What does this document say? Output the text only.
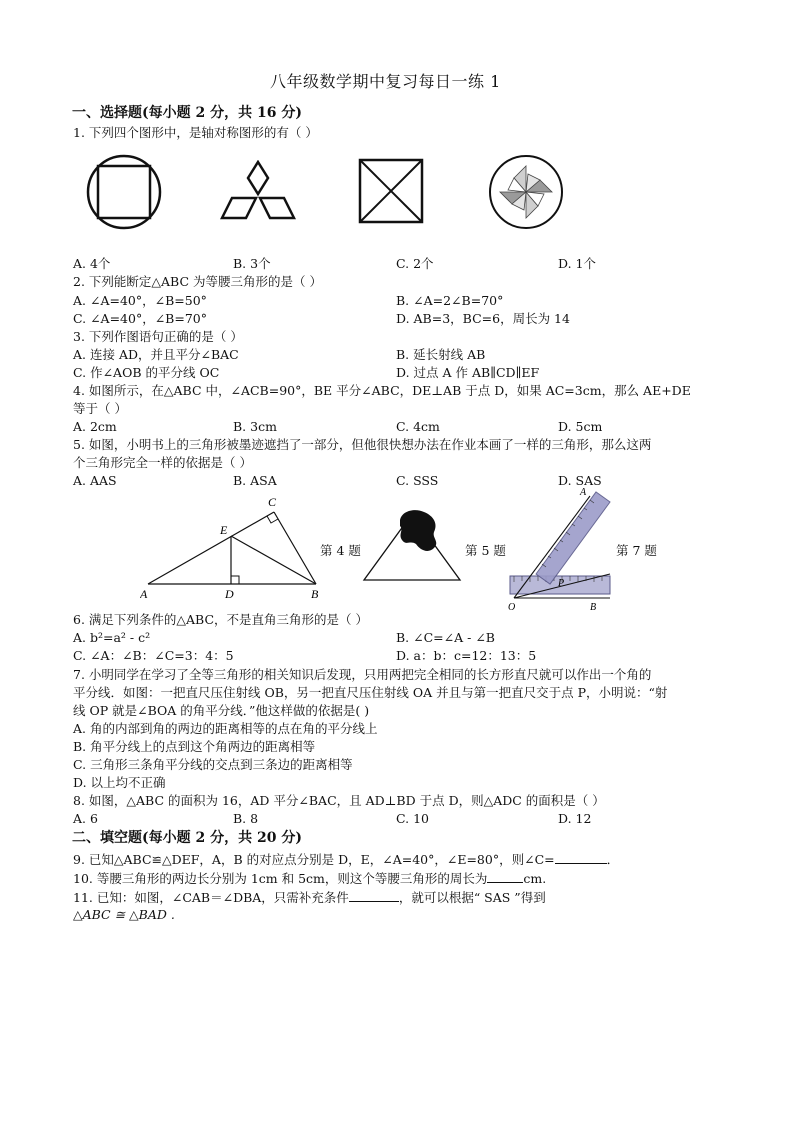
八年级数学期中复习每日一练 1
一、选择题(每小题 2 分，共 16 分)
1. 下列四个图形中，是轴对称图形的有（ ）
A. 4个	B. 3个	C. 2个	D. 1个
2. 下列能断定△ABC 为等腰三角形的是（ ）
A. ∠A=40°，∠B=50°	B. ∠A=2∠B=70°
C. ∠A=40°，∠B=70°	D. AB=3，BC=6，周长为 14
3. 下列作图语句正确的是（ ）
A. 连接 AD，并且平分∠BAC	B. 延长射线 AB
C. 作∠AOB 的平分线 OC	D. 过点 A 作 AB∥CD∥EF
4. 如图所示，在△ABC 中，∠ACB=90°，BE 平分∠ABC，DE⊥AB 于点 D，如果 AC=3cm，那么 AE+DE
等于（ ）
A. 2cm	B. 3cm	C. 4cm	D. 5cm
5. 如图，小明书上的三角形被墨迹遮挡了一部分，但他很快想办法在作业本画了一样的三角形，那么这两
个三角形完全一样的依据是（ ）
A. AAS	B. ASA	C. SSS	D. SAS
A	D	B
C
E
第 4 题	第 5 题
O	B
A
P
第 7 题
6. 满足下列条件的△ABC，不是直角三角形的是（ ）
A. b²=a² - c²	B. ∠C=∠A - ∠B
C. ∠A：∠B：∠C=3：4：5	D. a：b：c=12：13：5
7. 小明同学在学习了全等三角形的相关知识后发现，只用两把完全相同的长方形直尺就可以作出一个角的
平分线．如图：一把直尺压住射线 OB，另一把直尺压住射线 OA 并且与第一把直尺交于点 P，小明说：“射
线 OP 就是∠BOA 的角平分线．”他这样做的依据是( )
A. 角的内部到角的两边的距离相等的点在角的平分线上
B. 角平分线上的点到这个角两边的距离相等
C. 三角形三条角平分线的交点到三条边的距离相等
D. 以上均不正确
8. 如图，△ABC 的面积为 16，AD 平分∠BAC，且 AD⊥BD 于点 D，则△ADC 的面积是（ ）
A. 6	B. 8	C. 10	D. 12
二、填空题(每小题 2 分，共 20 分)
9. 已知△ABC≌△DEF，A，B 的对应点分别是 D，E，∠A=40°，∠E=80°，则∠C=	．
10. 等腰三角形的两边长分别为 1cm 和 5cm，则这个等腰三角形的周长为	cm.
11. 已知：如图，∠CAB＝∠DBA，只需补充条件	，就可以根据“ SAS ”得到
△ABC ≅ △BAD .
